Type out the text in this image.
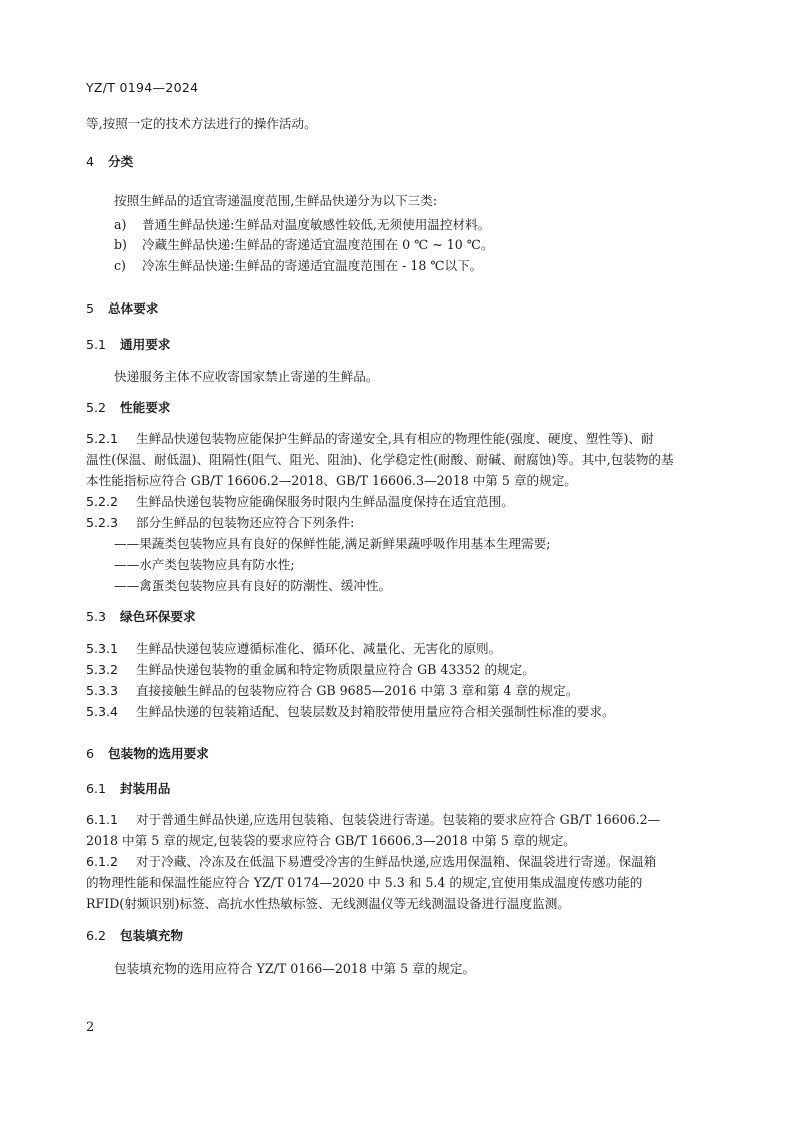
YZ/T 0194—2024
等,按照一定的技术方法进行的操作活动。
4 分类
按照生鲜品的适宜寄递温度范围,生鲜品快递分为以下三类:
a) 普通生鲜品快递:生鲜品对温度敏感性较低,无须使用温控材料。
b) 冷藏生鲜品快递:生鲜品的寄递适宜温度范围在 0 ℃ ~ 10 ℃。
c) 冷冻生鲜品快递:生鲜品的寄递适宜温度范围在 - 18 ℃以下。
5 总体要求
5.1 通用要求
快递服务主体不应收寄国家禁止寄递的生鲜品。
5.2 性能要求
5.2.1 生鲜品快递包装物应能保护生鲜品的寄递安全,具有相应的物理性能(强度、硬度、塑性等)、耐
温性(保温、耐低温)、阻隔性(阻气、阻光、阻油)、化学稳定性(耐酸、耐碱、耐腐蚀)等。其中,包装物的基
本性能指标应符合 GB/T 16606.2—2018、GB/T 16606.3—2018 中第 5 章的规定。
5.2.2 生鲜品快递包装物应能确保服务时限内生鲜品温度保持在适宜范围。
5.2.3 部分生鲜品的包装物还应符合下列条件:
——果蔬类包装物应具有良好的保鲜性能,满足新鲜果蔬呼吸作用基本生理需要;
——水产类包装物应具有防水性;
——禽蛋类包装物应具有良好的防潮性、缓冲性。
5.3 绿色环保要求
5.3.1 生鲜品快递包装应遵循标准化、循环化、减量化、无害化的原则。
5.3.2 生鲜品快递包装物的重金属和特定物质限量应符合 GB 43352 的规定。
5.3.3 直接接触生鲜品的包装物应符合 GB 9685—2016 中第 3 章和第 4 章的规定。
5.3.4 生鲜品快递的包装箱适配、包装层数及封箱胶带使用量应符合相关强制性标准的要求。
6 包装物的选用要求
6.1 封装用品
6.1.1 对于普通生鲜品快递,应选用包装箱、包装袋进行寄递。包装箱的要求应符合 GB/T 16606.2—
2018 中第 5 章的规定,包装袋的要求应符合 GB/T 16606.3—2018 中第 5 章的规定。
6.1.2 对于冷藏、冷冻及在低温下易遭受冷害的生鲜品快递,应选用保温箱、保温袋进行寄递。保温箱
的物理性能和保温性能应符合 YZ/T 0174—2020 中 5.3 和 5.4 的规定,宜使用集成温度传感功能的
RFID(射频识别)标签、高抗水性热敏标签、无线测温仪等无线测温设备进行温度监测。
6.2 包装填充物
包装填充物的选用应符合 YZ/T 0166—2018 中第 5 章的规定。
2
